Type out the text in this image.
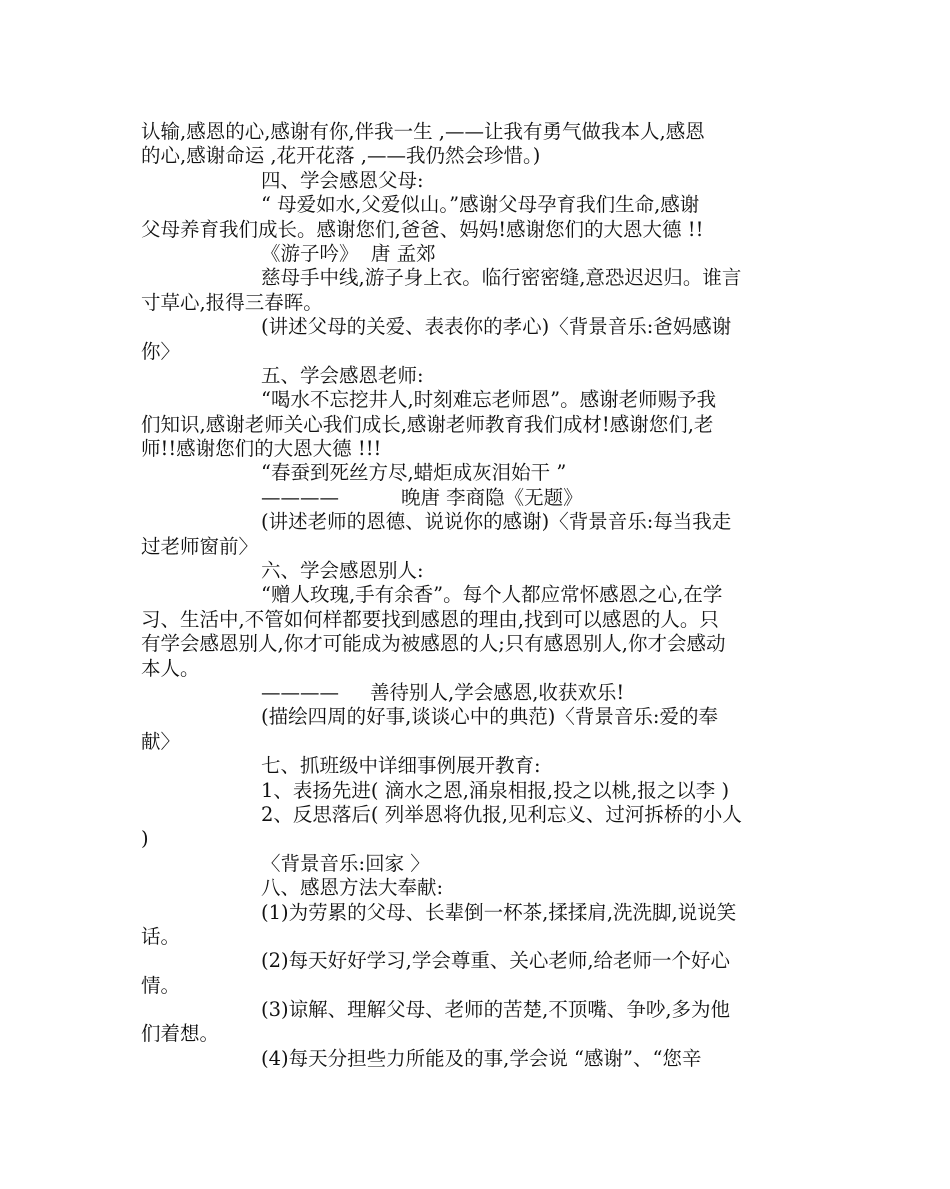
认输,感恩的心,感谢有你,伴我一生 ,——让我有勇气做我本人,感恩
的心,感谢命运 ,花开花落 ,——我仍然会珍惜。)
四、学会感恩父母:
“ 母爱如水,父爱似山。”感谢父母孕育我们生命,感谢
父母养育我们成长。感谢您们,爸爸、妈妈!感谢您们的大恩大德 !!
《游子吟》  唐 孟郊
慈母手中线,游子身上衣。临行密密缝,意恐迟迟归。谁言
寸草心,报得三春晖。
(讲述父母的关爱、表表你的孝心)〈背景音乐:爸妈感谢
你〉
五、学会感恩老师:
“喝水不忘挖井人,时刻难忘老师恩”。感谢老师赐予我
们知识,感谢老师关心我们成长,感谢老师教育我们成材!感谢您们,老
师!!感谢您们的大恩大德 !!!
“春蚕到死丝方尽,蜡炬成灰泪始干 ”
————          晚唐 李商隐《无题》
(讲述老师的恩德、说说你的感谢)〈背景音乐:每当我走
过老师窗前〉
六、学会感恩别人:
“赠人玫瑰,手有余香”。每个人都应常怀感恩之心,在学
习、生活中,不管如何样都要找到感恩的理由,找到可以感恩的人。只
有学会感恩别人,你才可能成为被感恩的人;只有感恩别人,你才会感动
本人。
————     善待别人,学会感恩,收获欢乐!
(描绘四周的好事,谈谈心中的典范)〈背景音乐:爱的奉
献〉
七、抓班级中详细事例展开教育:
1、表扬先进( 滴水之恩,涌泉相报,投之以桃,报之以李 )
2、反思落后( 列举恩将仇报,见利忘义、过河拆桥的小人
)
〈背景音乐:回家 〉
八、感恩方法大奉献:
(1)为劳累的父母、长辈倒一杯茶,揉揉肩,洗洗脚,说说笑
话。
(2)每天好好学习,学会尊重、关心老师,给老师一个好心
情。
(3)谅解、理解父母、老师的苦楚,不顶嘴、争吵,多为他
们着想。
(4)每天分担些力所能及的事,学会说 “感谢”、“您辛
